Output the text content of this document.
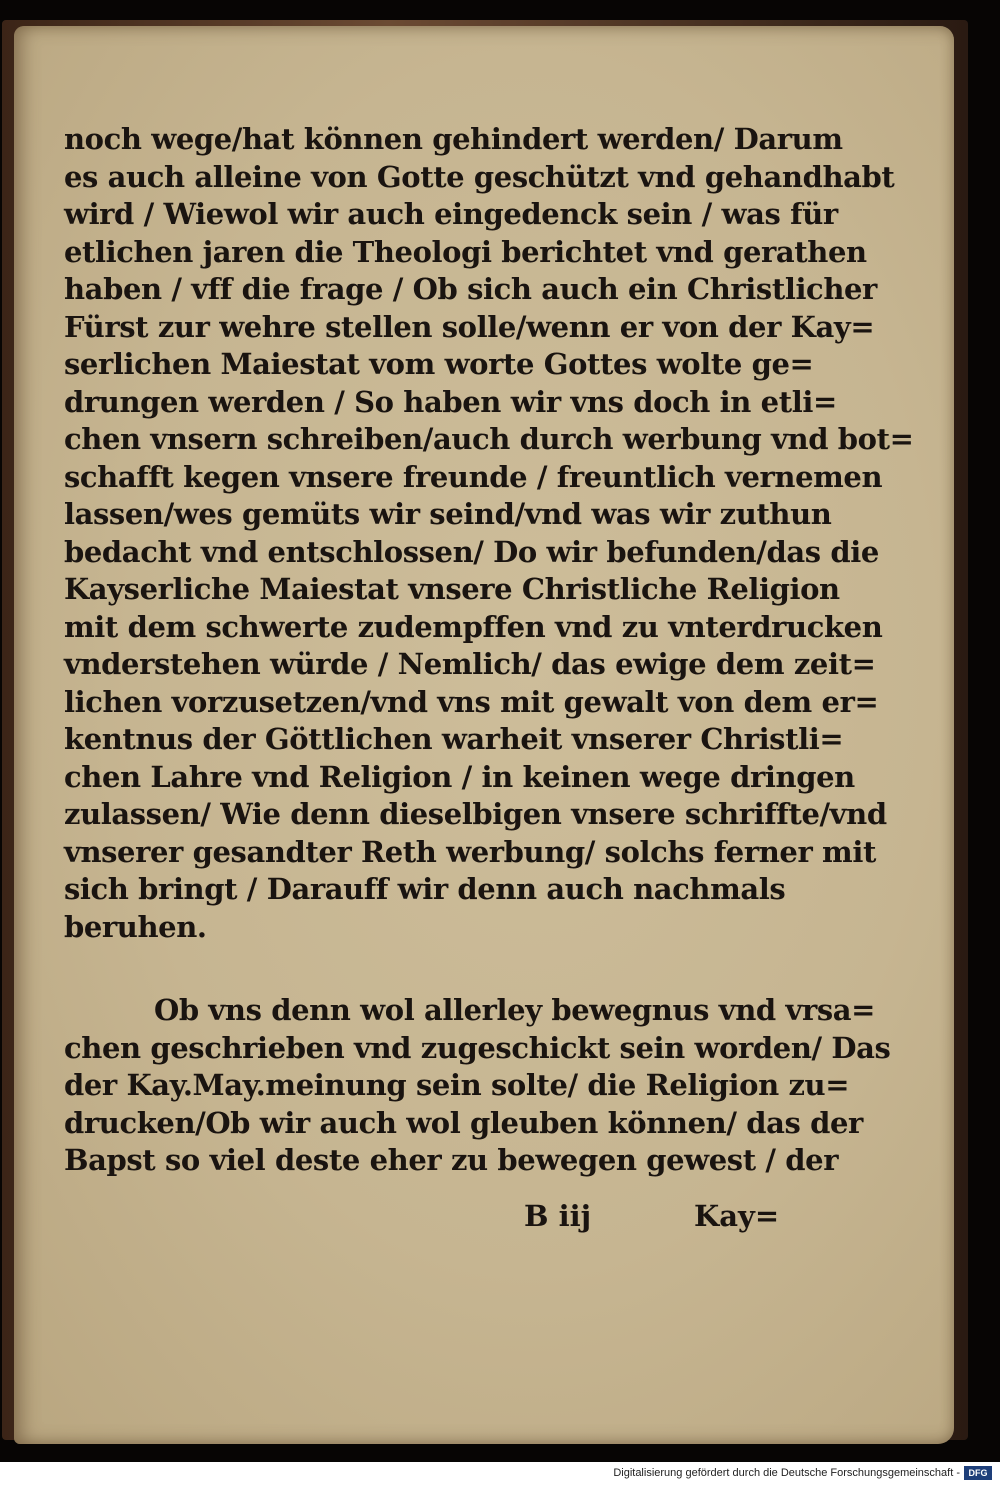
noch wege/hat können gehindert werden/ Darum
es auch alleine von Gotte geschützt vnd gehandhabt
wird / Wiewol wir auch eingedenck sein / was für
etlichen jaren die Theologi berichtet vnd gerathen
haben / vff die frage / Ob sich auch ein Christlicher
Fürst zur wehre stellen solle/wenn er von der Kay=
serlichen Maiestat vom worte Gottes wolte ge=
drungen werden / So haben wir vns doch in etli=
chen vnsern schreiben/auch durch werbung vnd bot=
schafft kegen vnsere freunde / freuntlich vernemen
lassen/wes gemüts wir seind/vnd was wir zuthun
bedacht vnd entschlossen/ Do wir befunden/das die
Kayserliche Maiestat vnsere Christliche Religion
mit dem schwerte zudempffen vnd zu vnterdrucken
vnderstehen würde / Nemlich/ das ewige dem zeit=
lichen vorzusetzen/vnd vns mit gewalt von dem er=
kentnus der Göttlichen warheit vnserer Christli=
chen Lahre vnd Religion / in keinen wege dringen
zulassen/ Wie denn dieselbigen vnsere schriffte/vnd
vnserer gesandter Reth werbung/ solchs ferner mit
sich bringt / Darauff wir denn auch nachmals
beruhen.
Ob vns denn wol allerley bewegnus vnd vrsa=
chen geschrieben vnd zugeschickt sein worden/ Das
der Kay.May.meinung sein solte/ die Religion zu=
drucken/Ob wir auch wol gleuben können/ das der
Bapst so viel deste eher zu bewegen gewest / der
B iij	Kay=
Digitalisierung gefördert durch die Deutsche Forschungsgemeinschaft - DFG
